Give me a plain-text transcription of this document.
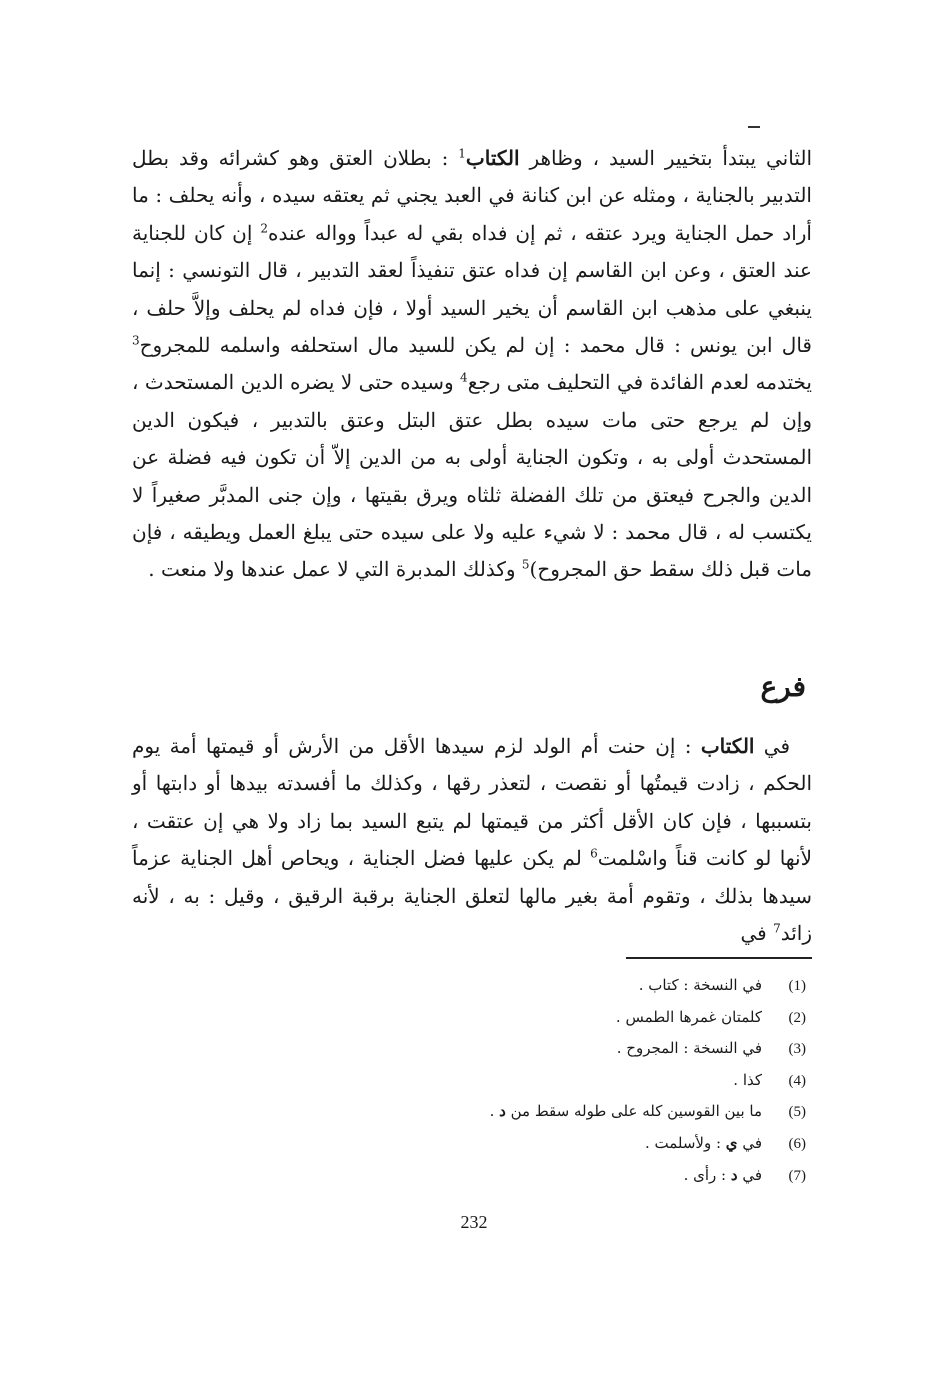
الثاني يبتدأ بتخيير السيد ، وظاهر الكتاب$^1$ : بطلان العتق وهو كشرائه وقد بطل التدبير بالجناية ، ومثله عن ابن كنانة في العبد يجني ثم يعتقه سيده ، وأنه يحلف : ما أراد حمل الجناية ويرد عتقه ، ثم إن فداه بقي له عبداً وواله عنده$^2$ إن كان للجناية عند العتق ، وعن ابن القاسم إن فداه عتق تنفيذاً لعقد التدبير ، قال التونسي : إنما ينبغي على مذهب ابن القاسم أن يخير السيد أولا ، فإن فداه لم يحلف وإلاَّ حلف ، قال ابن يونس : قال محمد : إن لم يكن للسيد مال استحلفه واسلمه للمجروح$^3$ يختدمه لعدم الفائدة في التحليف متى رجع$^4$ وسيده حتى لا يضره الدين المستحدث ، وإن لم يرجع حتى مات سيده بطل عتق البتل وعتق بالتدبير ، فيكون الدين المستحدث أولى به ، وتكون الجناية أولى به من الدين إلاّ أن تكون فيه فضلة عن الدين والجرح فيعتق من تلك الفضلة ثلثاه ويرق بقيتها ، وإن جنى المدبَّر صغيراً لا يكتسب له ، قال محمد : لا شيء عليه ولا على سيده حتى يبلغ العمل ويطيقه ، فإن مات قبل ذلك سقط حق المجروح)$^5$ وكذلك المدبرة التي لا عمل عندها ولا منعت .

فرع

في الكتاب : إن حنت أم الولد لزم سيدها الأقل من الأرش أو قيمتها أمة يوم الحكم ، زادت قيمتُها أو نقصت ، لتعذر رقها ، وكذلك ما أفسدته بيدها أو دابتها أو بتسببها ، فإن كان الأقل أكثر من قيمتها لم يتبع السيد بما زاد ولا هي إن عتقت ، لأنها لو كانت قناً واسْلمت$^6$ لم يكن عليها فضل الجناية ، ويحاص أهل الجناية عزماً سيدها بذلك ، وتقوم أمة بغير مالها لتعلق الجناية برقبة الرقيق ، وقيل : به ، لأنه زائد$^7$ في

(1)
في النسخة : كتاب .
(2)
كلمتان غمرها الطمس .
(3)
في النسخة : المجروح .
(4)
كذا .
(5)
ما بين القوسين كله على طوله سقط من د .
(6)
في ي : ولأسلمت .
(7)
في د : رأى .
232
